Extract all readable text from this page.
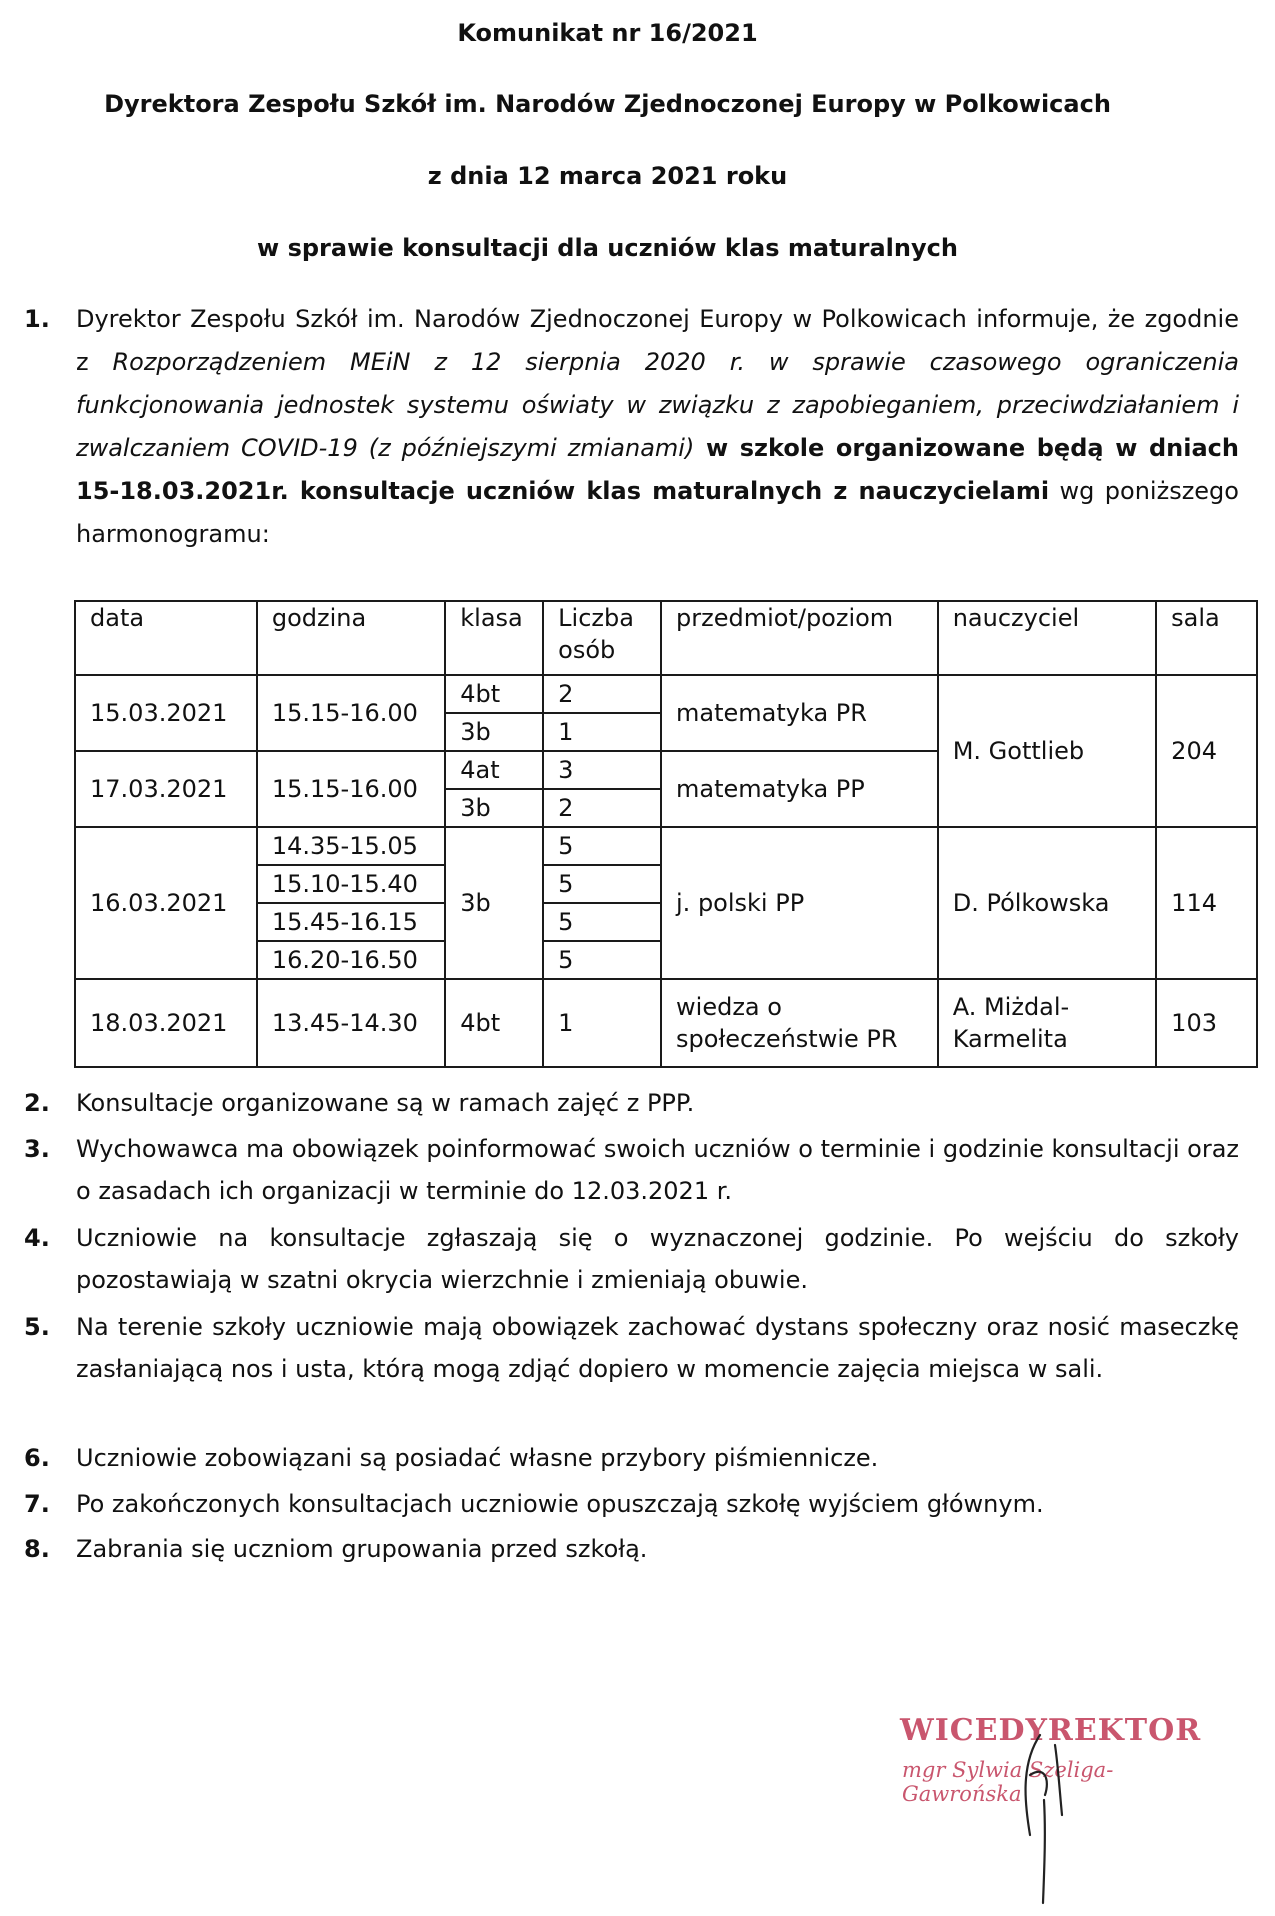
Komunikat nr 16/2021

Dyrektora Zespołu Szkół im. Narodów Zjednoczonej Europy w Polkowicach

z dnia 12 marca 2021 roku

w sprawie konsultacji dla uczniów klas maturalnych

1. Dyrektor Zespołu Szkół im. Narodów Zjednoczonej Europy w Polkowicach informuje, że zgodnie z Rozporządzeniem MEiN z 12 sierpnia 2020 r. w sprawie czasowego ograniczenia funkcjonowania jednostek systemu oświaty w związku z zapobieganiem, przeciwdziałaniem i zwalczaniem COVID-19 (z późniejszymi zmianami) w szkole organizowane będą w dniach 15-18.03.2021r. konsultacje uczniów klas maturalnych z nauczycielami wg poniższego harmonogramu:

data	godzina	klasa	Liczba osób	przedmiot/poziom	nauczyciel	sala
15.03.2021	15.15-16.00	4bt	2	matematyka PR	M. Gottlieb	204
		3b	1			
17.03.2021	15.15-16.00	4at	3	matematyka PP		
		3b	2			
16.03.2021	14.35-15.05	3b	5	j. polski PP	D. Pólkowska	114
	15.10-15.40		5			
	15.45-16.15		5			
	16.20-16.50		5			
18.03.2021	13.45-14.30	4bt	1	wiedza o społeczeństwie PR	A. Miżdal-Karmelita	103
2. Konsultacje organizowane są w ramach zajęć z PPP.
3. Wychowawca ma obowiązek poinformować swoich uczniów o terminie i godzinie konsultacji oraz o zasadach ich organizacji w terminie do 12.03.2021 r.

4. Uczniowie na konsultacje zgłaszają się o wyznaczonej godzinie. Po wejściu do szkoły pozostawiają w szatni okrycia wierzchnie i zmieniają obuwie.

5. Na terenie szkoły uczniowie mają obowiązek zachować dystans społeczny oraz nosić maseczkę zasłaniającą nos i usta, którą mogą zdjąć dopiero w momencie zajęcia miejsca w sali.

6. Uczniowie zobowiązani są posiadać własne przybory piśmiennicze.
7. Po zakończonych konsultacjach uczniowie opuszczają szkołę wyjściem głównym.
8. Zabrania się uczniom grupowania przed szkołą.
WICEDYREKTOR
mgr Sylwia Szeliga-Gawrońska
